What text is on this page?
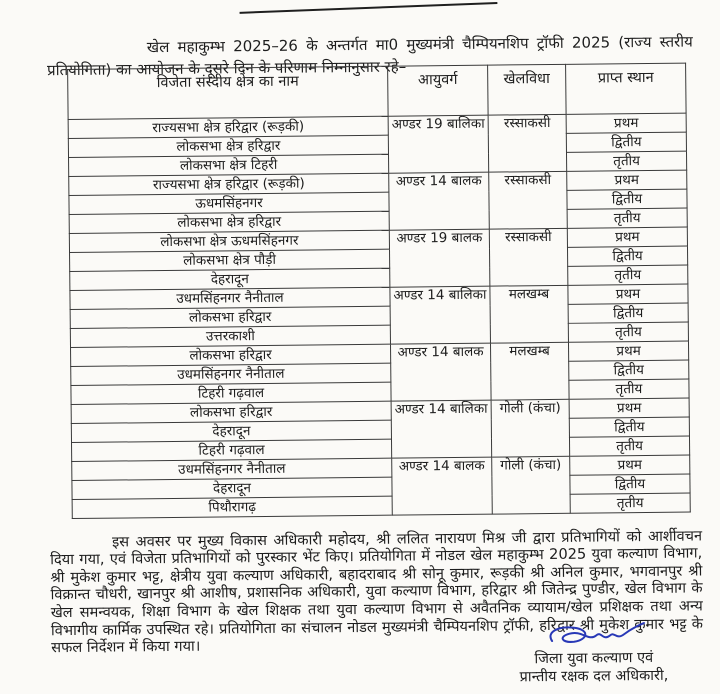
खेल महाकुम्भ 2025–26 के अन्तर्गत मा0 मुख्यमंत्री चैम्पियनशिप ट्रॉफी 2025 (राज्य स्तरीय प्रतियोगिता) का आयोजन के दूसरे दिन के परिणाम निम्नानुसार रहे–

विजेता संस्दीय क्षेत्र का नाम	आयुवर्ग	खेलविधा	प्राप्त स्थान
राज्यसभा क्षेत्र हरिद्वार (रूड़की)	अण्डर 19 बालिका	रस्साकसी	प्रथम
लोकसभा क्षेत्र हरिद्वार			द्वितीय
लोकसभा क्षेत्र टिहरी			तृतीय
राज्यसभा क्षेत्र हरिद्वार (रूड़की)	अण्डर 14 बालक	रस्साकसी	प्रथम
ऊधमसिंहनगर			द्वितीय
लोकसभा क्षेत्र हरिद्वार			तृतीय
लोकसभा क्षेत्र ऊधमसिंहनगर	अण्डर 19 बालक	रस्साकसी	प्रथम
लोकसभा क्षेत्र पौड़ी			द्वितीय
देहरादून			तृतीय
उधमसिंहनगर नैनीताल	अण्डर 14 बालिका	मलखम्ब	प्रथम
लोकसभा हरिद्वार			द्वितीय
उत्तरकाशी			तृतीय
लोकसभा हरिद्वार	अण्डर 14 बालक	मलखम्ब	प्रथम
उधमसिंहनगर नैनीताल			द्वितीय
टिहरी गढ़वाल			तृतीय
लोकसभा हरिद्वार	अण्डर 14 बालिका	गोली (कंचा)	प्रथम
देहरादून			द्वितीय
टिहरी गढ़वाल			तृतीय
उधमसिंहनगर नैनीताल	अण्डर 14 बालक	गोली (कंचा)	प्रथम
देहरादून			द्वितीय
पिथौरागढ़			तृतीय

इस अवसर पर मुख्य विकास अधिकारी महोदय, श्री ललित नारायण मिश्र जी द्वारा प्रतिभागियों को आर्शीवचन दिया गया, एवं विजेता प्रतिभागियों को पुरस्कार भेंट किए। प्रतियोगिता में नोडल खेल महाकुम्भ 2025 युवा कल्याण विभाग, श्री मुकेश कुमार भट्ट, क्षेत्रीय युवा कल्याण अधिकारी, बहादराबाद श्री सोनू कुमार, रूड़की श्री अनिल कुमार, भगवानपुर श्री विक्रान्त चौधरी, खानपुर श्री आशीष, प्रशासनिक अधिकारी, युवा कल्याण विभाग, हरिद्वार श्री जितेन्द्र पुण्डीर, खेल विभाग के खेल समन्वयक, शिक्षा विभाग के खेल शिक्षक तथा युवा कल्याण विभाग से अवैतनिक व्यायाम/खेल प्रशिक्षक तथा अन्य विभागीय कार्मिक उपस्थित रहे। प्रतियोगिता का संचालन नोडल मुख्यमंत्री चैम्पियनशिप ट्रॉफी, हरिद्वार श्री मुकेश कुमार भट्ट के सफल निर्देशन में किया गया।

जिला युवा कल्याण एवं
प्रान्तीय रक्षक दल अधिकारी,
